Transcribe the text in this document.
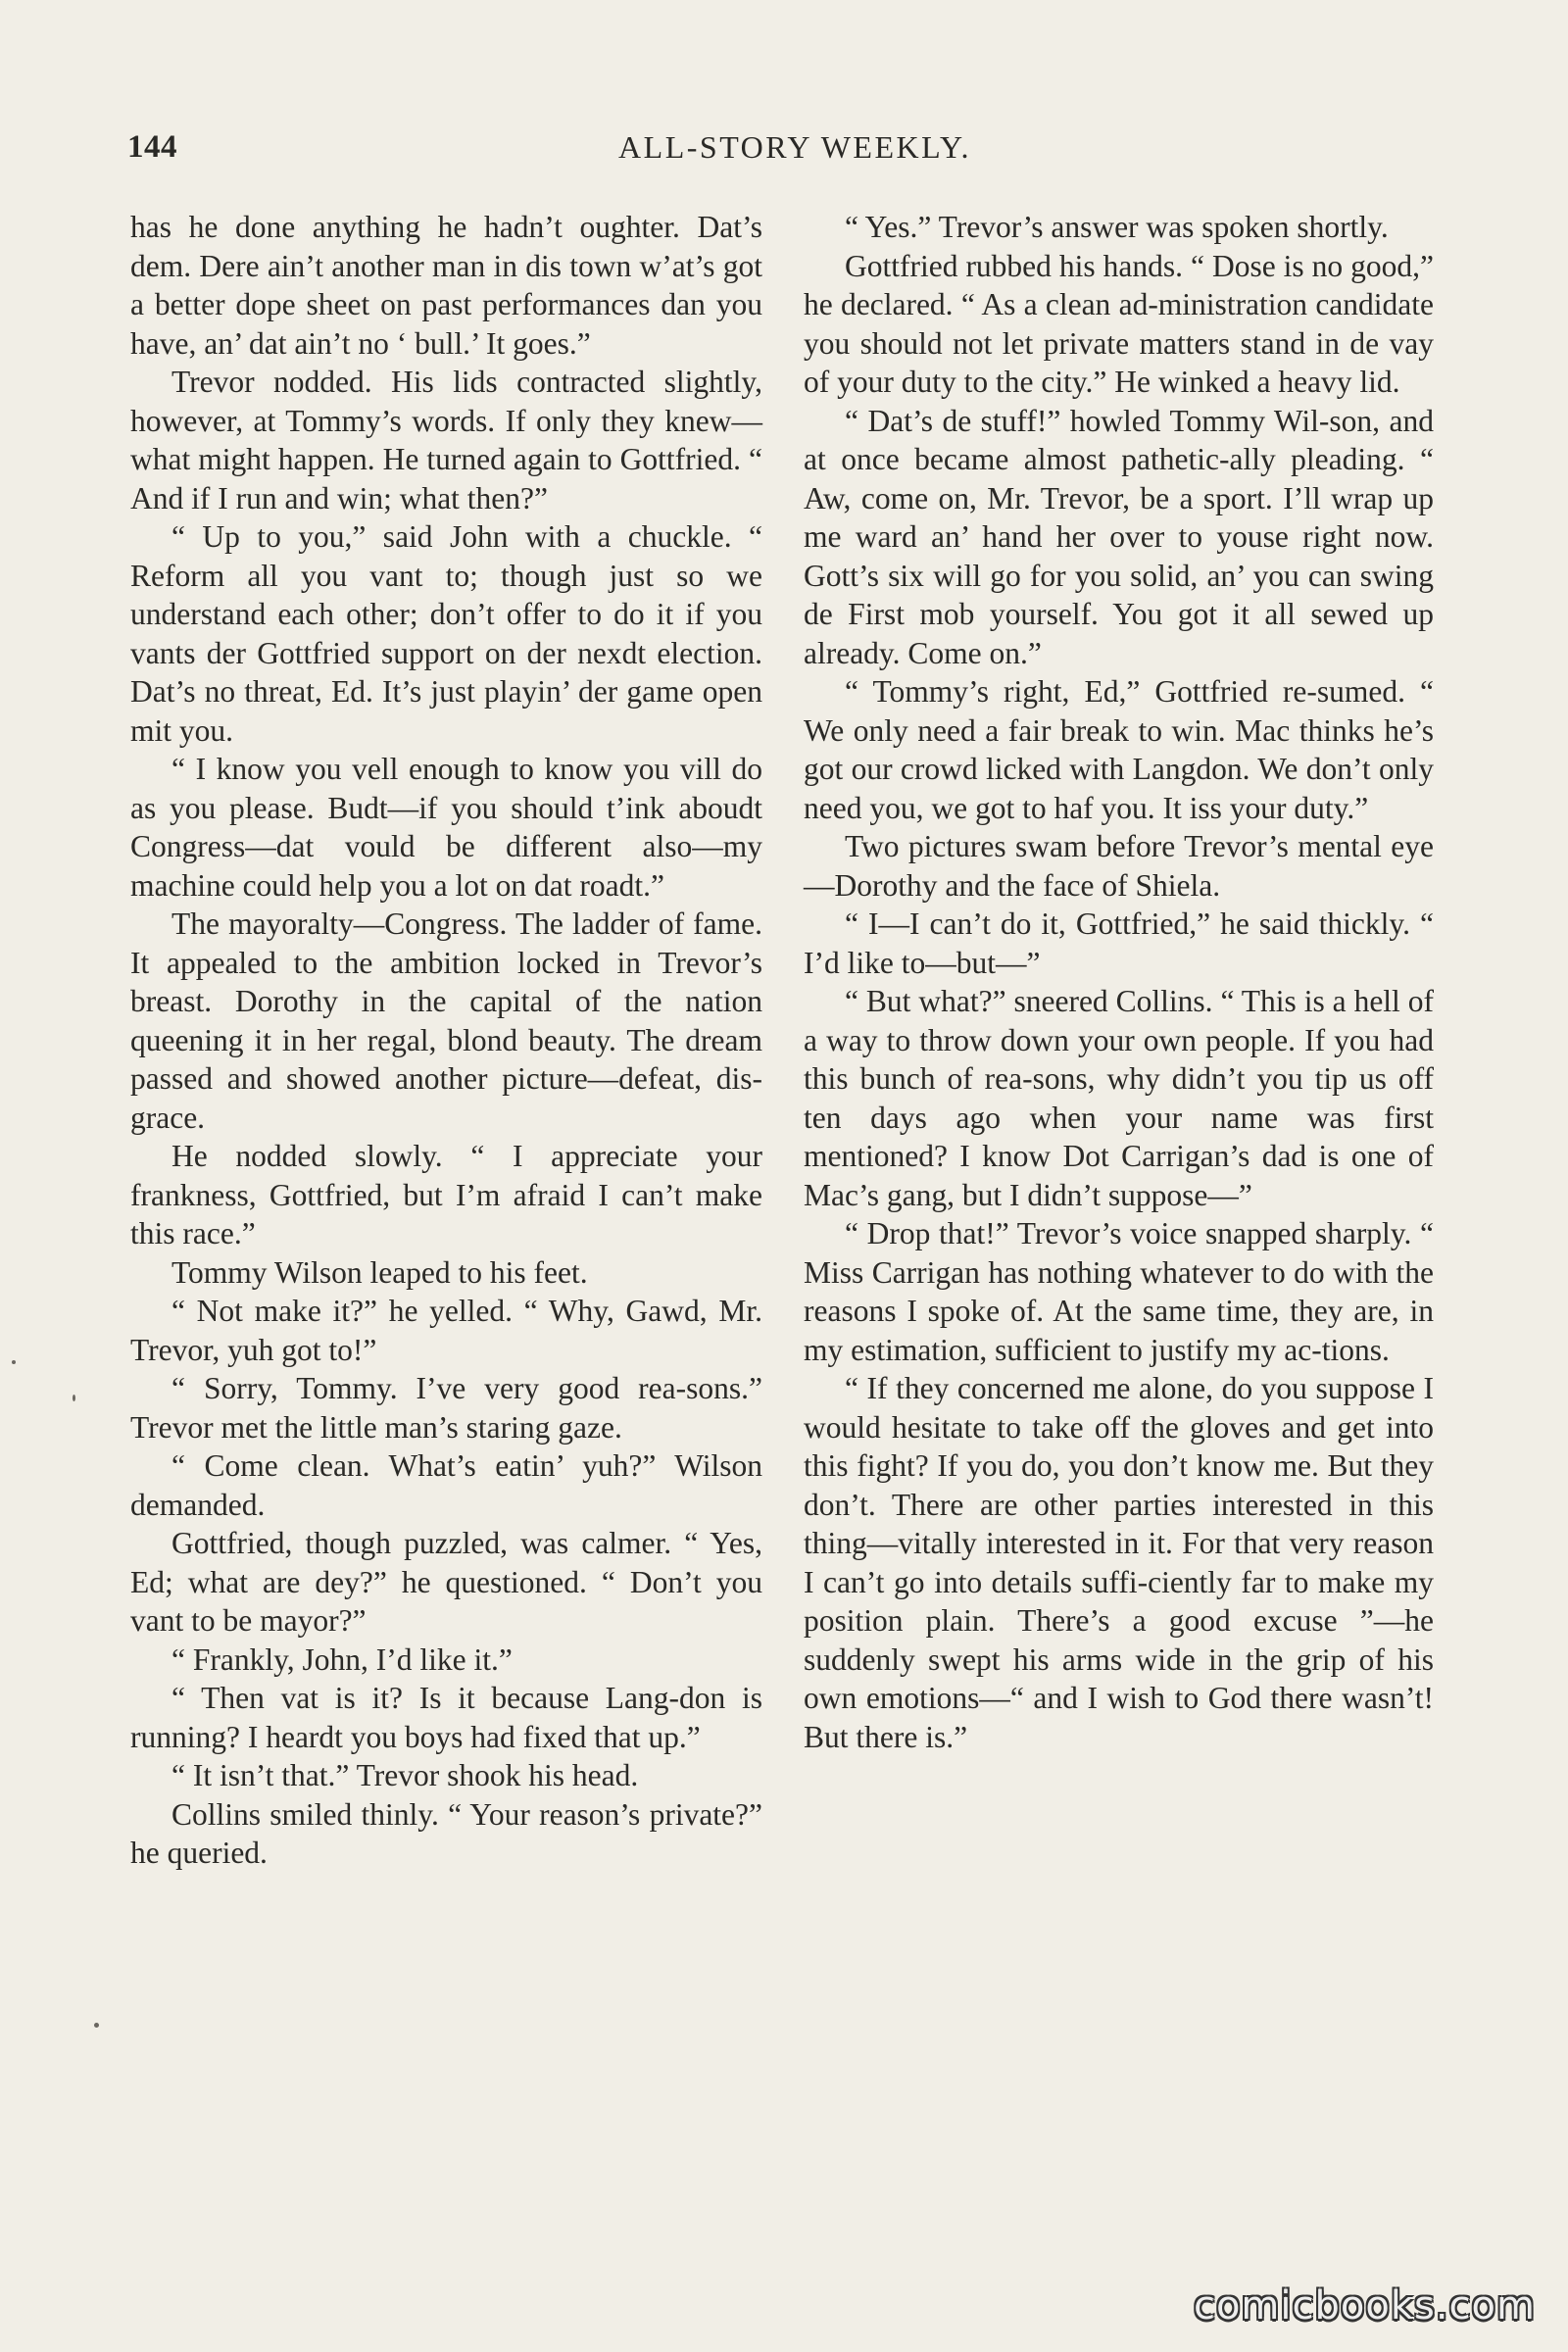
144	ALL-STORY WEEKLY.

has he done anything he hadn’t oughter. Dat’s dem. Dere ain’t another man in dis town w’at’s got a better dope sheet on past performances dan you have, an’ dat ain’t no ‘ bull.’ It goes.”

Trevor nodded. His lids contracted slightly, however, at Tommy’s words. If only they knew—what might happen. He turned again to Gottfried. “ And if I run and win; what then?”

“ Up to you,” said John with a chuckle. “ Reform all you vant to; though just so we understand each other; don’t offer to do it if you vants der Gottfried support on der nexdt election. Dat’s no threat, Ed. It’s just playin’ der game open mit you.

“ I know you vell enough to know you vill do as you please. Budt—if you should t’ink aboudt Congress—dat vould be different also—my machine could help you a lot on dat roadt.”

The mayoralty—Congress. The ladder of fame. It appealed to the ambition locked in Trevor’s breast. Dorothy in the capital of the nation queening it in her regal, blond beauty. The dream passed and showed another picture—defeat, dis-grace.

He nodded slowly. “ I appreciate your frankness, Gottfried, but I’m afraid I can’t make this race.”

Tommy Wilson leaped to his feet.

“ Not make it?” he yelled. “ Why, Gawd, Mr. Trevor, yuh got to!”

“ Sorry, Tommy. I’ve very good rea-sons.” Trevor met the little man’s staring gaze.

“ Come clean. What’s eatin’ yuh?” Wilson demanded.

Gottfried, though puzzled, was calmer. “ Yes, Ed; what are dey?” he questioned. “ Don’t you vant to be mayor?”

“ Frankly, John, I’d like it.”

“ Then vat is it? Is it because Lang-don is running? I heardt you boys had fixed that up.”

“ It isn’t that.” Trevor shook his head.

Collins smiled thinly. “ Your reason’s private?” he queried.

“ Yes.” Trevor’s answer was spoken shortly.

Gottfried rubbed his hands. “ Dose is no good,” he declared. “ As a clean ad-ministration candidate you should not let private matters stand in de vay of your duty to the city.” He winked a heavy lid.

“ Dat’s de stuff!” howled Tommy Wil-son, and at once became almost pathetic-ally pleading. “ Aw, come on, Mr. Trevor, be a sport. I’ll wrap up me ward an’ hand her over to youse right now. Gott’s six will go for you solid, an’ you can swing de First mob yourself. You got it all sewed up already. Come on.”

“ Tommy’s right, Ed,” Gottfried re-sumed. “ We only need a fair break to win. Mac thinks he’s got our crowd licked with Langdon. We don’t only need you, we got to haf you. It iss your duty.”

Two pictures swam before Trevor’s mental eye—Dorothy and the face of Shiela.

“ I—I can’t do it, Gottfried,” he said thickly. “ I’d like to—but—”

“ But what?” sneered Collins. “ This is a hell of a way to throw down your own people. If you had this bunch of rea-sons, why didn’t you tip us off ten days ago when your name was first mentioned? I know Dot Carrigan’s dad is one of Mac’s gang, but I didn’t suppose—”

“ Drop that!” Trevor’s voice snapped sharply. “ Miss Carrigan has nothing whatever to do with the reasons I spoke of. At the same time, they are, in my estimation, sufficient to justify my ac-tions.

“ If they concerned me alone, do you suppose I would hesitate to take off the gloves and get into this fight? If you do, you don’t know me. But they don’t. There are other parties interested in this thing—vitally interested in it. For that very reason I can’t go into details suffi-ciently far to make my position plain. There’s a good excuse ”—he suddenly swept his arms wide in the grip of his own emotions—“ and I wish to God there wasn’t! But there is.”

comicbooks.com
